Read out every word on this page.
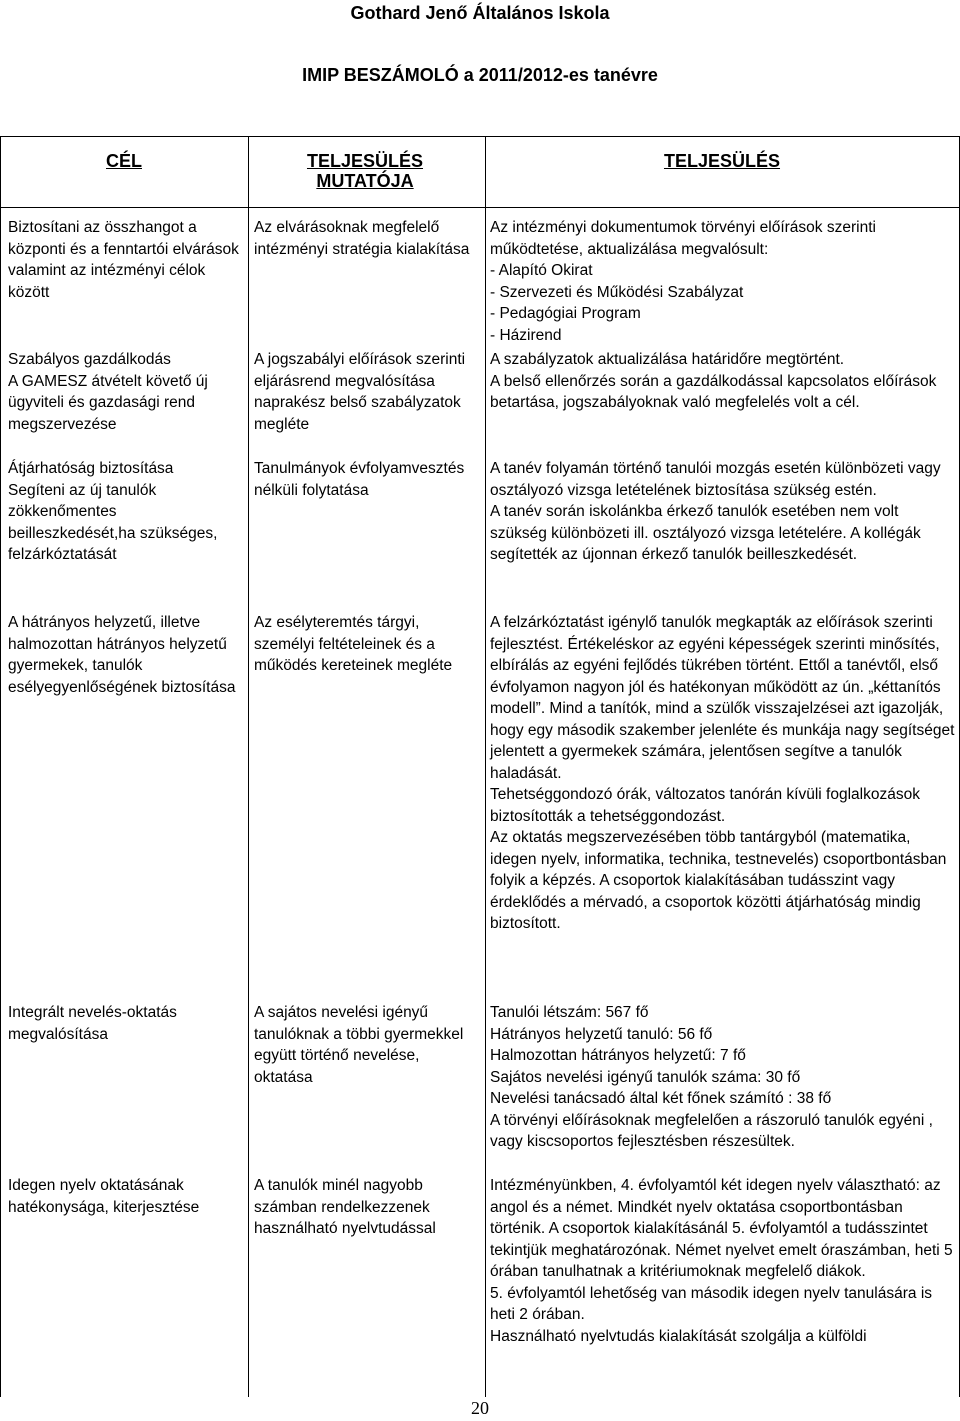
Gothard Jenő Általános Iskola
IMIP BESZÁMOLÓ a 2011/2012-es tanévre
CÉL	TELJESÜLÉS MUTATÓJA
TELJESÜLÉS

Biztosítani az összhangot a központi és a fenntartói elvárások valamint az intézményi célok között

Az elvárásoknak megfelelő intézményi stratégia kialakítása

Az intézményi dokumentumok törvényi előírások szerinti működtetése, aktualizálása megvalósult:
- Alapító Okirat
- Szervezeti és Működési Szabályzat
- Pedagógiai Program
- Házirend

Szabályos gazdálkodás
A GAMESZ átvételt követő új ügyviteli és gazdasági rend megszervezése

A jogszabályi előírások szerinti eljárásrend megvalósítása naprakész belső szabályzatok megléte

A szabályzatok aktualizálása határidőre megtörtént.
A belső ellenőrzés során a gazdálkodással kapcsolatos előírások betartása, jogszabályoknak való megfelelés volt a cél.

Átjárhatóság biztosítása
Segíteni az új tanulók zökkenőmentes beilleszkedését,ha szükséges, felzárkóztatását

Tanulmányok évfolyamvesztés nélküli folytatása

A tanév folyamán történő tanulói mozgás esetén különbözeti vagy osztályozó vizsga letételének biztosítása szükség estén.
A tanév során iskolánkba érkező tanulók esetében nem volt szükség különbözeti ill. osztályozó vizsga letételére. A kollégák segítették az újonnan érkező tanulók beilleszkedését.

A hátrányos helyzetű, illetve halmozottan hátrányos helyzetű gyermekek, tanulók esélyegyenlőségének biztosítása

Az esélyteremtés tárgyi, személyi feltételeinek és a működés kereteinek megléte

A felzárkóztatást igénylő tanulók megkapták az előírások szerinti fejlesztést. Értékeléskor az egyéni képességek szerinti minősítés, elbírálás az egyéni fejlődés tükrében történt. Ettől a tanévtől, első évfolyamon nagyon jól és hatékonyan működött az ún. „kéttanítós modell”. Mind a tanítók, mind a szülők visszajelzései azt igazolják, hogy egy második szakember jelenléte és munkája nagy segítséget jelentett a gyermekek számára, jelentősen segítve a tanulók haladását.
Tehetséggondozó órák, változatos tanórán kívüli foglalkozások biztosították a tehetséggondozást.
Az oktatás megszervezésében több tantárgyból (matematika, idegen nyelv, informatika, technika, testnevelés) csoportbontásban folyik a képzés. A csoportok kialakításában tudásszint vagy érdeklődés a mérvadó, a csoportok közötti átjárhatóság mindig biztosított.

Integrált nevelés-oktatás megvalósítása

A sajátos nevelési igényű tanulóknak a többi gyermekkel együtt történő nevelése, oktatása

Tanulói létszám: 567 fő
Hátrányos helyzetű tanuló: 56 fő
Halmozottan hátrányos helyzetű: 7 fő
Sajátos nevelési igényű tanulók száma: 30 fő
Nevelési tanácsadó által két főnek számító : 38 fő
A törvényi előírásoknak megfelelően a rászoruló tanulók egyéni , vagy kiscsoportos fejlesztésben részesültek.

Idegen nyelv oktatásának hatékonysága, kiterjesztése

A tanulók minél nagyobb számban rendelkezzenek használható nyelvtudással

Intézményünkben, 4. évfolyamtól két idegen nyelv választható: az angol és a német. Mindkét nyelv oktatása csoportbontásban történik. A csoportok kialakításánál 5. évfolyamtól a tudásszintet tekintjük meghatározónak. Német nyelvet emelt óraszámban, heti 5 órában tanulhatnak a kritériumoknak megfelelő diákok.
5. évfolyamtól lehetőség van második idegen nyelv tanulására is heti 2 órában.
Használható nyelvtudás kialakítását szolgálja a külföldi

20
